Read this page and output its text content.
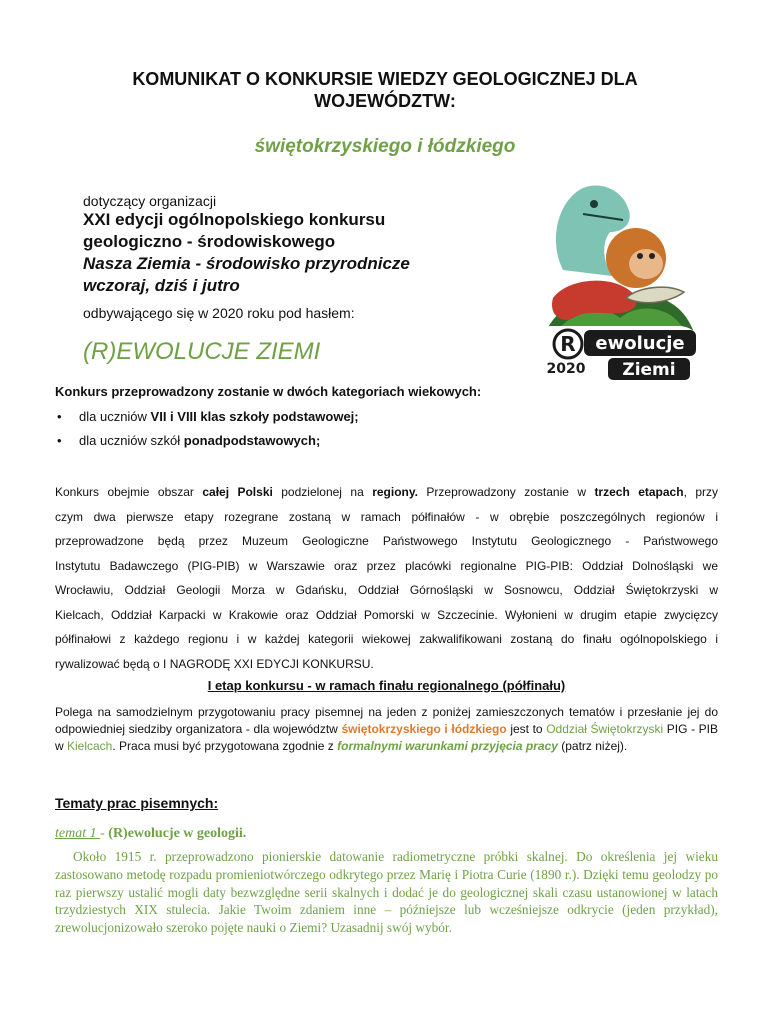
KOMUNIKAT O KONKURSIE WIEDZY GEOLOGICZNEJ DLA
WOJEWÓDZTW:
świętokrzyskiego i łódzkiego
dotyczący organizacji
XXI edycji ogólnopolskiego konkursu
geologiczno - środowiskowego
Nasza Ziemia - środowisko przyrodnicze
wczoraj, dziś i jutro
odbywającego się w 2020 roku pod hasłem:
(R)EWOLUCJE ZIEMI	R ewolucje
2020 Ziemi
Konkurs przeprowadzony zostanie w dwóch kategoriach wiekowych:
• dla uczniów VII i VIII klas szkoły podstawowej;
• dla uczniów szkół ponadpodstawowych;
Konkurs obejmie obszar całej Polski podzielonej na regiony. Przeprowadzony zostanie w trzech etapach, przy
czym dwa pierwsze etapy rozegrane zostaną w ramach półfinałów - w obrębie poszczególnych regionów i
przeprowadzone będą przez Muzeum Geologiczne Państwowego Instytutu Geologicznego - Państwowego
Instytutu Badawczego (PIG-PIB) w Warszawie oraz przez placówki regionalne PIG-PIB: Oddział Dolnośląski we
Wrocławiu, Oddział Geologii Morza w Gdańsku, Oddział Górnośląski w Sosnowcu, Oddział Świętokrzyski w
Kielcach, Oddział Karpacki w Krakowie oraz Oddział Pomorski w Szczecinie. Wyłonieni w drugim etapie zwycięzcy
półfinałowi z każdego regionu i w każdej kategorii wiekowej zakwalifikowani zostaną do finału ogólnopolskiego i
rywalizować będą o I NAGRODĘ XXI EDYCJI KONKURSU.
I etap konkursu - w ramach finału regionalnego (półfinału)
Polega na samodzielnym przygotowaniu pracy pisemnej na jeden z poniżej zamieszczonych tematów i przesłanie jej do odpowiedniej siedziby organizatora - dla województw świętokrzyskiego i łódzkiego jest to Oddział Świętokrzyski PIG - PIB w Kielcach. Praca musi być przygotowana zgodnie z formalnymi warunkami przyjęcia pracy (patrz niżej).
Tematy prac pisemnych:
temat 1 - (R)ewolucje w geologii.
Około 1915 r. przeprowadzono pionierskie datowanie radiometryczne próbki skalnej. Do określenia jej wieku zastosowano metodę rozpadu promieniotwórczego odkrytego przez Marię i Piotra Curie (1890 r.). Dzięki temu geolodzy po raz pierwszy ustalić mogli daty bezwzględne serii skalnych i dodać je do geologicznej skali czasu ustanowionej w latach trzydziestych XIX stulecia. Jakie Twoim zdaniem inne – późniejsze lub wcześniejsze odkrycie (jeden przykład), zrewolucjonizowało szeroko pojęte nauki o Ziemi? Uzasadnij swój wybór.
